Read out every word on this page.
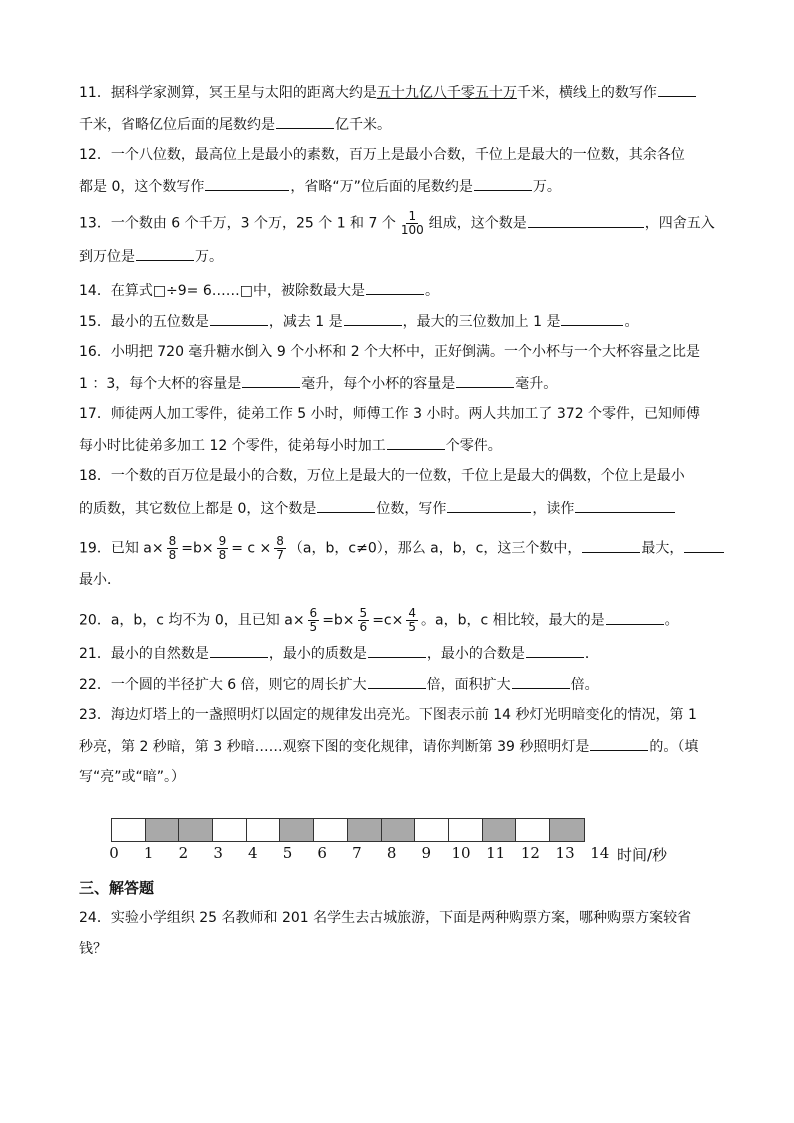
11．据科学家测算，冥王星与太阳的距离大约是五十九亿八千零五十万千米，横线上的数写作
千米，省略亿位后面的尾数约是	亿千米。
12．一个八位数，最高位上是最小的素数，百万上是最小合数，千位上是最大的一位数，其余各位
都是 0，这个数写作	，省略“万”位后面的尾数约是	万。
13．一个数由 6 个千万，3 个万，25 个 1 和 7 个 $\frac{1}{100}$ 组成，这个数是	，四舍五入
到万位是	万。
14．在算式□÷9= 6……□中，被除数最大是	。
15．最小的五位数是	，减去 1 是	，最大的三位数加上 1 是	。
16．小明把 720 毫升糖水倒入 9 个小杯和 2 个大杯中，正好倒满。一个小杯与一个大杯容量之比是
1 ：3，每个大杯的容量是	毫升，每个小杯的容量是	毫升。
17．师徒两人加工零件，徒弟工作 5 小时，师傅工作 3 小时。两人共加工了 372 个零件，已知师傅
每小时比徒弟多加工 12 个零件，徒弟每小时加工	个零件。
18．一个数的百万位是最小的合数，万位上是最大的一位数，千位上是最大的偶数，个位上是最小
的质数，其它数位上都是 0，这个数是	位数，写作	，读作
19．已知 $a\times \frac{8}{8} =b\times \frac{9}{8} = c \times \frac{8}{7} (a$，b，c≠0），那么 a，b，c，这三个数中，	最大，
最小．
20．a，b，c 均不为 0，且已知 $a\times \frac{6}{5} =b\times \frac{5}{6} =c\times \frac{4}{5}$ 。a，b，c 相比较，最大的是	。
21．最小的自然数是	，最小的质数是	，最小的合数是	．
22．一个圆的半径扩大 6 倍，则它的周长扩大	倍，面积扩大	倍。
23．海边灯塔上的一盏照明灯以固定的规律发出亮光。下图表示前 14 秒灯光明暗变化的情况，第 1
秒亮，第 2 秒暗，第 3 秒暗……观察下图的变化规律，请你判断第 39 秒照明灯是	的。（填
写“亮”或“暗”。）
0 1 2 3 4 5 6 7 8 9 10 11 12 13 14 时间/秒
三、解答题
24．实验小学组织 25 名教师和 201 名学生去古城旅游，下面是两种购票方案，哪种购票方案较省
钱？
